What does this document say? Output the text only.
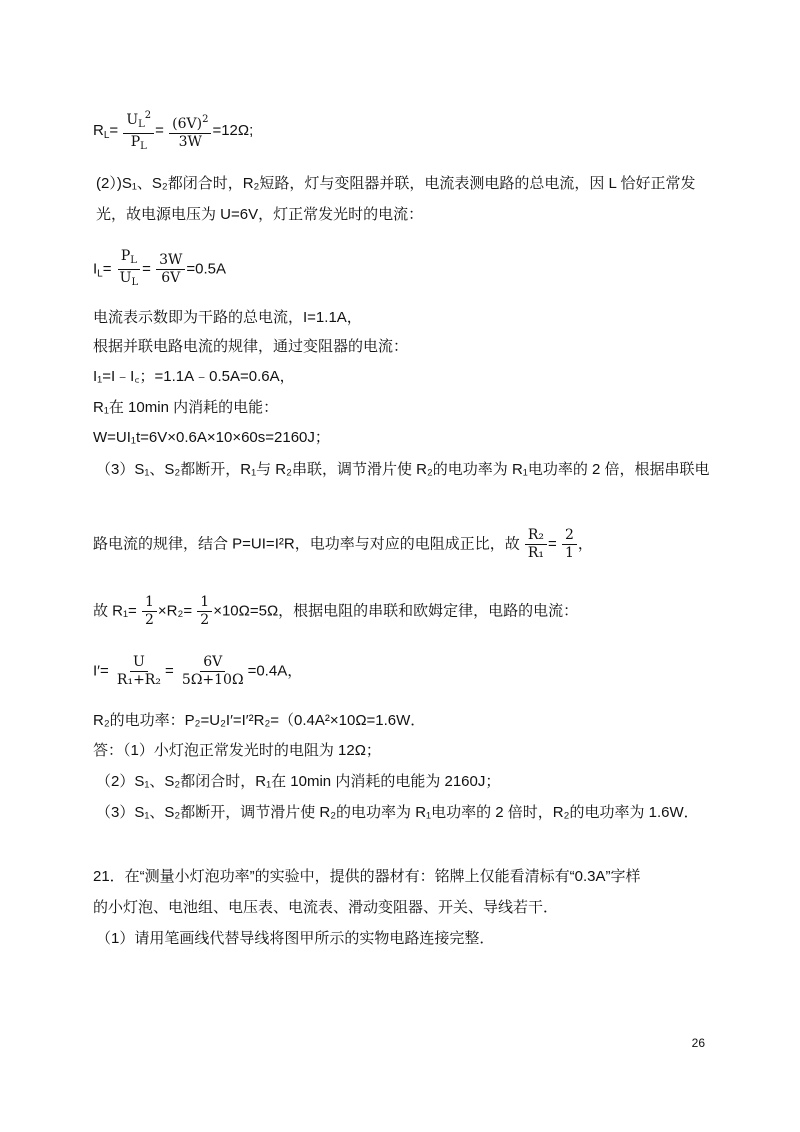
$R_L= \frac{U_L^2}{P_L} = \frac{(6V)^2}{3W} =12\Omega$;
(2）)S₁、S₂都闭合时，R₂短路，灯与变阻器并联，电流表测电路的总电流，因 L 恰好正常发
光，故电源电压为 U=6V，灯正常发光时的电流：
$I_L= \frac{P_L}{U_L} = \frac{3W}{6V} =0.5A$
电流表示数即为干路的总电流，I=1.1A，
根据并联电路电流的规律，通过变阻器的电流：
I₁=I﹣I꜀；=1.1A﹣0.5A=0.6A，
R₁在 10min 内消耗的电能：
W=UI₁t=6V×0.6A×10×60s=2160J；
（3）S₁、S₂都断开，R₁与 R₂串联，调节滑片使 R₂的电功率为 R₁电功率的 2 倍，根据串联电
路电流的规律，结合 P=UI=I²R，电功率与对应的电阻成正比，故 $\frac{\text{R₂}}{\text{R₁}} = \frac{2}{1}$ ，
故 $R_1= \frac{1}{2} \times R_2= \frac{1}{2} \times 10\Omega=5\Omega$，根据电阻的串联和欧姆定律，电路的电流：
$I'= \frac{U}{\text{R₁+R₂}} = \frac{6V}{5\Omega+10\Omega} =0.4A$，
R₂的电功率：P₂=U₂I′=I′²R₂=（0.4A²×10Ω=1.6W．
答：（1）小灯泡正常发光时的电阻为 12Ω；
（2）S₁、S₂都闭合时，R₁在 10min 内消耗的电能为 2160J；
（3）S₁、S₂都断开，调节滑片使 R₂的电功率为 R₁电功率的 2 倍时，R₂的电功率为 1.6W．
21．在“测量小灯泡功率”的实验中，提供的器材有：铭牌上仅能看清标有“0.3A”字样
的小灯泡、电池组、电压表、电流表、滑动变阻器、开关、导线若干．
（1）请用笔画线代替导线将图甲所示的实物电路连接完整．
26
